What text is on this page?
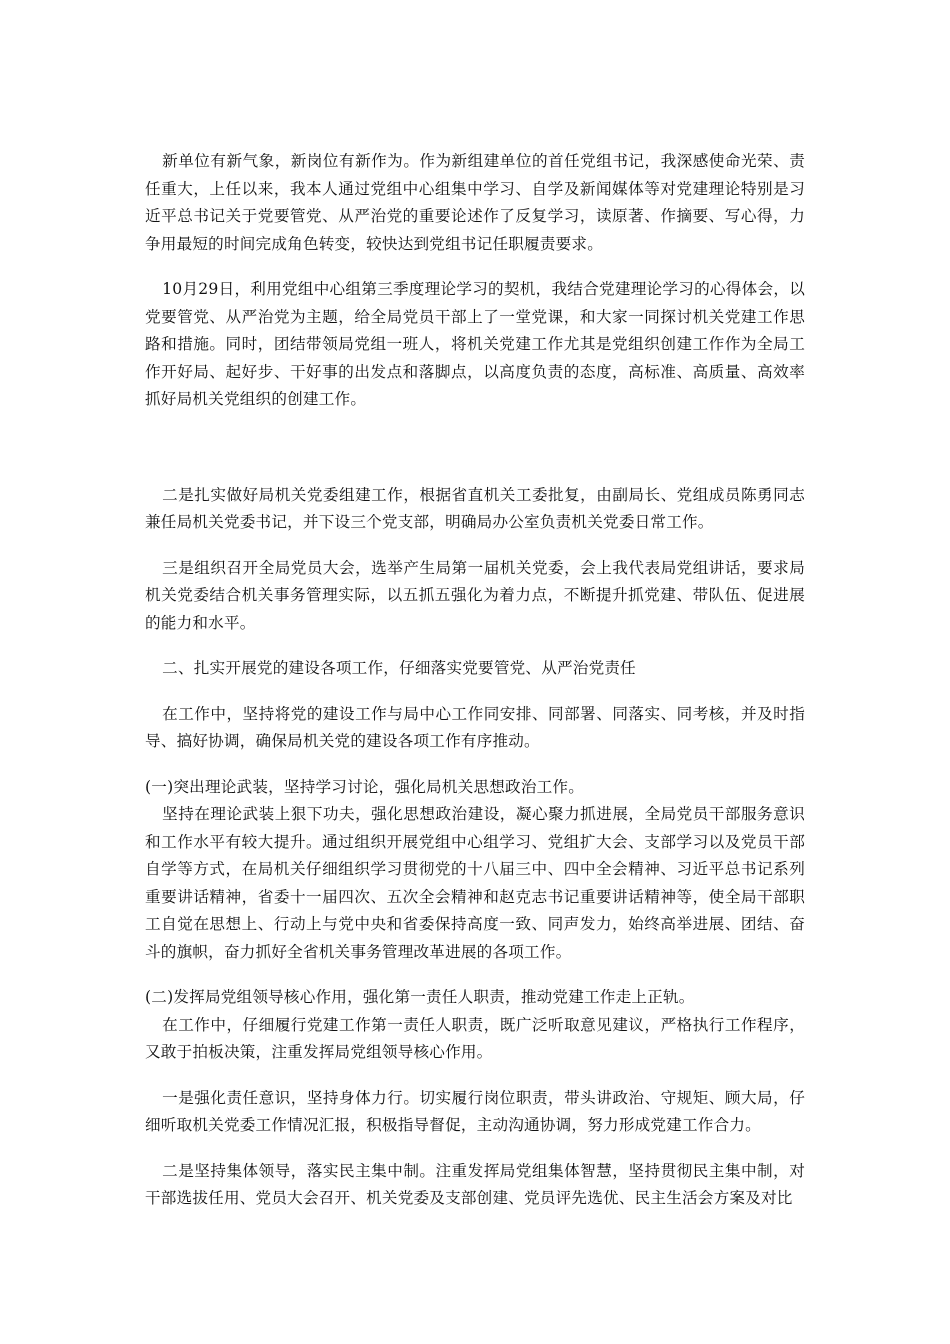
新单位有新气象，新岗位有新作为。作为新组建单位的首任党组书记，我深感使命光荣、责任重大，上任以来，我本人通过党组中心组集中学习、自学及新闻媒体等对党建理论特别是习近平总书记关于党要管党、从严治党的重要论述作了反复学习，读原著、作摘要、写心得，力争用最短的时间完成角色转变，较快达到党组书记任职履责要求。

10月29日，利用党组中心组第三季度理论学习的契机，我结合党建理论学习的心得体会，以党要管党、从严治党为主题，给全局党员干部上了一堂党课，和大家一同探讨机关党建工作思路和措施。同时，团结带领局党组一班人，将机关党建工作尤其是党组织创建工作作为全局工作开好局、起好步、干好事的出发点和落脚点，以高度负责的态度，高标准、高质量、高效率抓好局机关党组织的创建工作。

二是扎实做好局机关党委组建工作，根据省直机关工委批复，由副局长、党组成员陈勇同志兼任局机关党委书记，并下设三个党支部，明确局办公室负责机关党委日常工作。

三是组织召开全局党员大会，选举产生局第一届机关党委，会上我代表局党组讲话，要求局机关党委结合机关事务管理实际，以五抓五强化为着力点，不断提升抓党建、带队伍、促进展的能力和水平。

二、扎实开展党的建设各项工作，仔细落实党要管党、从严治党责任

在工作中，坚持将党的建设工作与局中心工作同安排、同部署、同落实、同考核，并及时指导、搞好协调，确保局机关党的建设各项工作有序推动。

(一)突出理论武装，坚持学习讨论，强化局机关思想政治工作。

坚持在理论武装上狠下功夫，强化思想政治建设，凝心聚力抓进展，全局党员干部服务意识和工作水平有较大提升。通过组织开展党组中心组学习、党组扩大会、支部学习以及党员干部自学等方式，在局机关仔细组织学习贯彻党的十八届三中、四中全会精神、习近平总书记系列重要讲话精神，省委十一届四次、五次全会精神和赵克志书记重要讲话精神等，使全局干部职工自觉在思想上、行动上与党中央和省委保持高度一致、同声发力，始终高举进展、团结、奋斗的旗帜，奋力抓好全省机关事务管理改革进展的各项工作。

(二)发挥局党组领导核心作用，强化第一责任人职责，推动党建工作走上正轨。

在工作中，仔细履行党建工作第一责任人职责，既广泛听取意见建议，严格执行工作程序，又敢于拍板决策，注重发挥局党组领导核心作用。

一是强化责任意识，坚持身体力行。切实履行岗位职责，带头讲政治、守规矩、顾大局，仔细听取机关党委工作情况汇报，积极指导督促，主动沟通协调，努力形成党建工作合力。

二是坚持集体领导，落实民主集中制。注重发挥局党组集体智慧，坚持贯彻民主集中制，对干部选拔任用、党员大会召开、机关党委及支部创建、党员评先选优、民主生活会方案及对比
